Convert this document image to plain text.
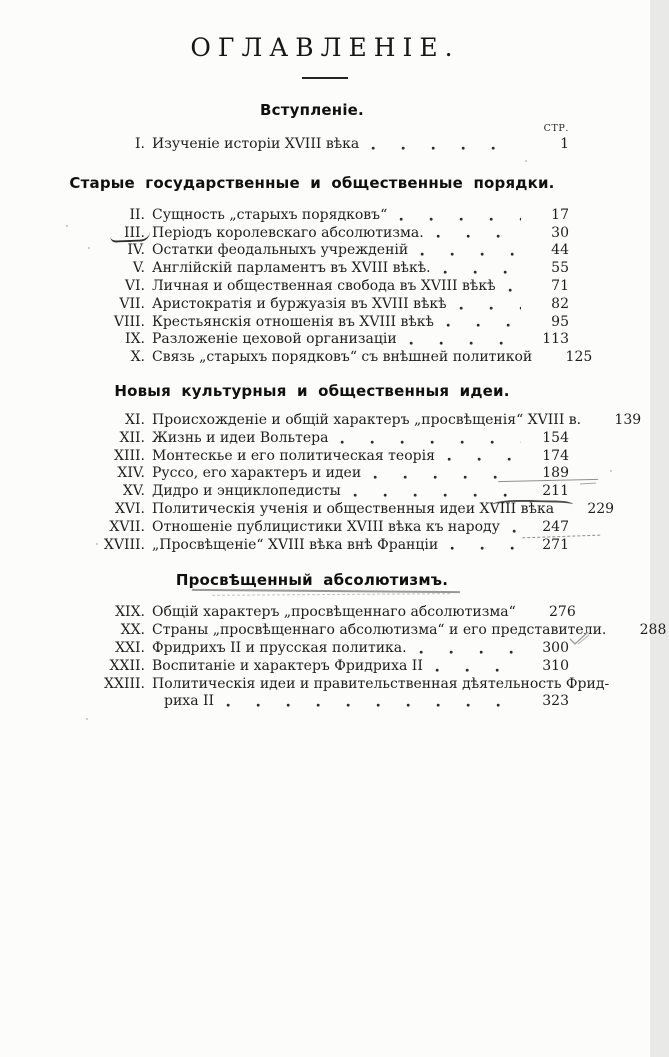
ОГЛАВЛЕНІЕ.
Вступленіе.
СТР.
I. Изученіе исторіи XVIII вѣка	1
Старые государственные и общественные порядки.
II. Сущность „старыхъ порядковъ“	17
III. Періодъ королевскаго абсолютизма.	30
IV. Остатки феодальныхъ учрежденій	44
V. Англійскій парламентъ въ XVIII вѣкѣ.	55
VI. Личная и общественная свобода въ XVIII вѣкѣ	71
VII. Аристократія и буржуазія въ XVIII вѣкѣ	82
VIII. Крестьянскія отношенія въ XVIII вѣкѣ	95
IX. Разложеніе цеховой организаціи	113
X. Связь „старыхъ порядковъ“ съ внѣшней политикой	125
Новыя культурныя и общественныя идеи.
XI. Происхожденіе и общій характеръ „просвѣщенія“ XVIII в.	139
XII. Жизнь и идеи Вольтера	154
XIII. Монтескье и его политическая теорія	174
XIV. Руссо, его характеръ и идеи	189
XV. Дидро и энциклопедисты	211
XVI. Политическія ученія и общественныя идеи XVIII вѣка	229
XVII. Отношеніе публицистики XVIII вѣка къ народу	247
XVIII. „Просвѣщеніе“ XVIII вѣка внѣ Франціи	271
Просвѣщенный абсолютизмъ.
XIX. Общій характеръ „просвѣщеннаго абсолютизма“	276
XX. Страны „просвѣщеннаго абсолютизма“ и его представители.	288
XXI. Фридрихъ II и прусская политика.	300
XXII. Воспитаніе и характеръ Фридриха II	310
XXIII. Политическія идеи и правительственная дѣятельность Фрид-
риха II	323
